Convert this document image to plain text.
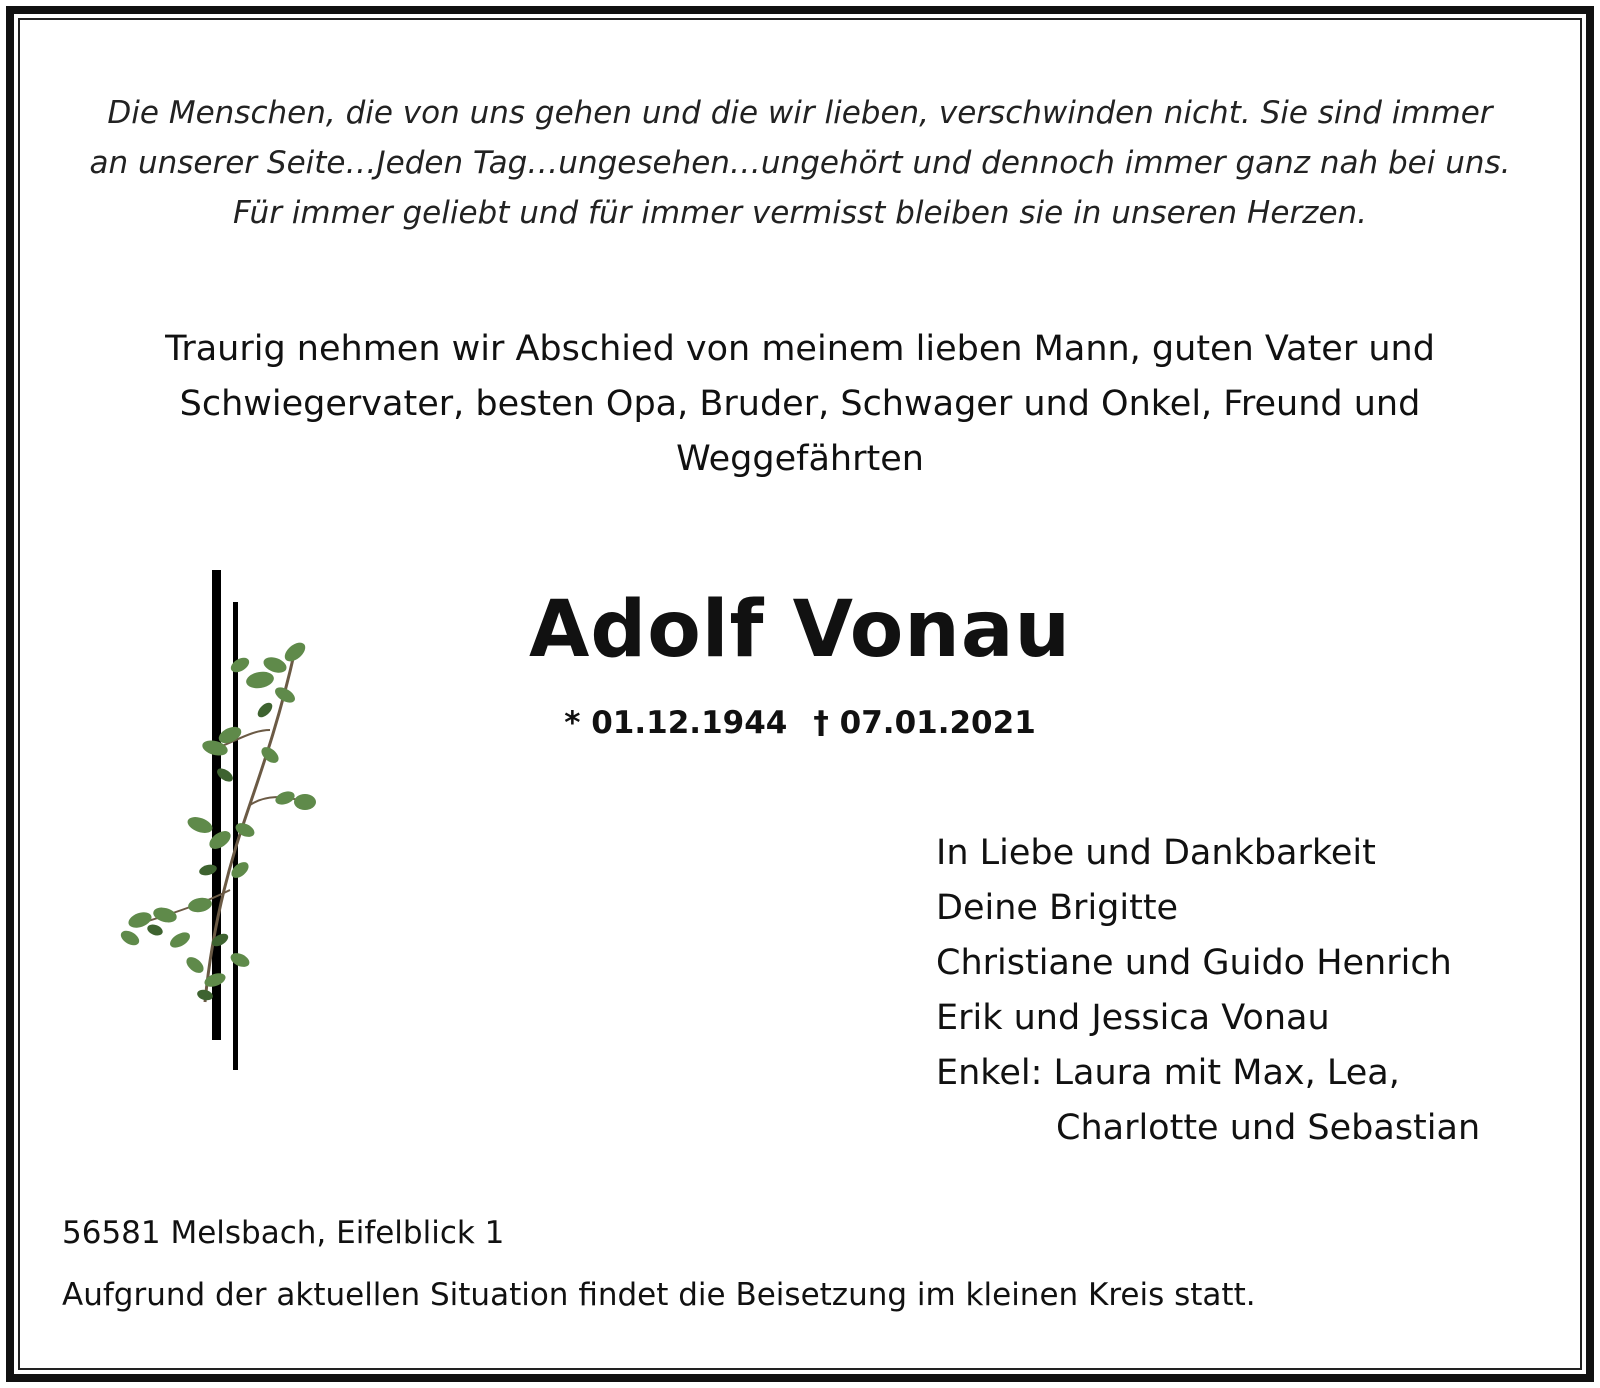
Die Menschen, die von uns gehen und die wir lieben, verschwinden nicht. Sie sind immer
an unserer Seite…Jeden Tag…ungesehen…ungehört und dennoch immer ganz nah bei uns.
Für immer geliebt und für immer vermisst bleiben sie in unseren Herzen.
Traurig nehmen wir Abschied von meinem lieben Mann, guten Vater und
Schwiegervater, besten Opa, Bruder, Schwager und Onkel, Freund und
Weggefährten
Adolf Vonau
* 01.12.1944 † 07.01.2021
In Liebe und Dankbarkeit
Deine Brigitte
Christiane und Guido Henrich
Erik und Jessica Vonau
Enkel: Laura mit Max, Lea,
Charlotte und Sebastian
56581 Melsbach, Eifelblick 1
Aufgrund der aktuellen Situation findet die Beisetzung im kleinen Kreis statt.
